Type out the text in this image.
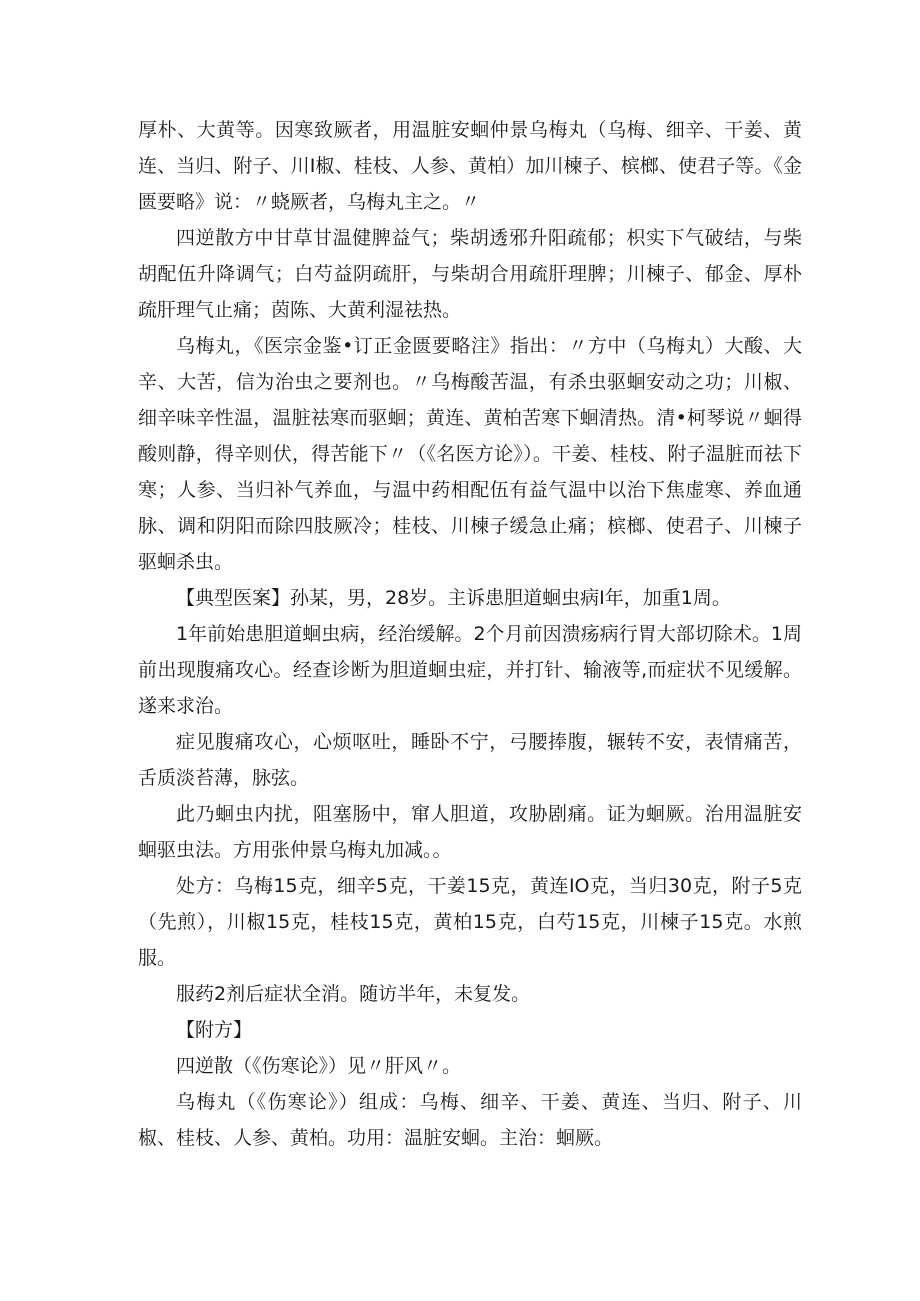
厚朴、大黄等。因寒致厥者，用温脏安蛔仲景乌梅丸（乌梅、细辛、干姜、黄连、当归、附子、川I椒、桂枝、人参、黄柏）加川楝子、槟榔、使君子等。《金匮要略》说：〃蛲厥者，乌梅丸主之。〃

四逆散方中甘草甘温健脾益气；柴胡透邪升阳疏郁；枳实下气破结，与柴胡配伍升降调气；白芍益阴疏肝，与柴胡合用疏肝理脾；川楝子、郁金、厚朴疏肝理气止痛；茵陈、大黄利湿祛热。

乌梅丸，《医宗金鉴•订正金匮要略注》指出：〃方中（乌梅丸）大酸、大辛、大苦，信为治虫之要剂也。〃乌梅酸苦温，有杀虫驱蛔安动之功；川椒、细辛味辛性温，温脏祛寒而驱蛔；黄连、黄柏苦寒下蛔清热。清•柯琴说〃蛔得酸则静，得辛则伏，得苦能下〃（《名医方论》）。干姜、桂枝、附子温脏而祛下寒；人参、当归补气养血，与温中药相配伍有益气温中以治下焦虚寒、养血通脉、调和阴阳而除四肢厥冷；桂枝、川楝子缓急止痛；槟榔、使君子、川楝子驱蛔杀虫。

【典型医案】孙某，男，28岁。主诉患胆道蛔虫病I年，加重1周。

1年前始患胆道蛔虫病，经治缓解。2个月前因溃疡病行胃大部切除术。1周前出现腹痛攻心。经查诊断为胆道蛔虫症，并打针、输液等,而症状不见缓解。遂来求治。

症见腹痛攻心，心烦呕吐，睡卧不宁，弓腰捧腹，辗转不安，表情痛苦，舌质淡苔薄，脉弦。

此乃蛔虫内扰，阻塞肠中，窜人胆道，攻胁剧痛。证为蛔厥。治用温脏安蛔驱虫法。方用张仲景乌梅丸加减。。

处方：乌梅15克，细辛5克，干姜15克，黄连IO克，当归30克，附子5克（先煎），川椒15克，桂枝15克，黄柏15克，白芍15克，川楝子15克。水煎服。

服药2剂后症状全消。随访半年，未复发。

【附方】

四逆散（《伤寒论》）见〃肝风〃。

乌梅丸（《伤寒论》）组成：乌梅、细辛、干姜、黄连、当归、附子、川椒、桂枝、人参、黄柏。功用：温脏安蛔。主治：蛔厥。
